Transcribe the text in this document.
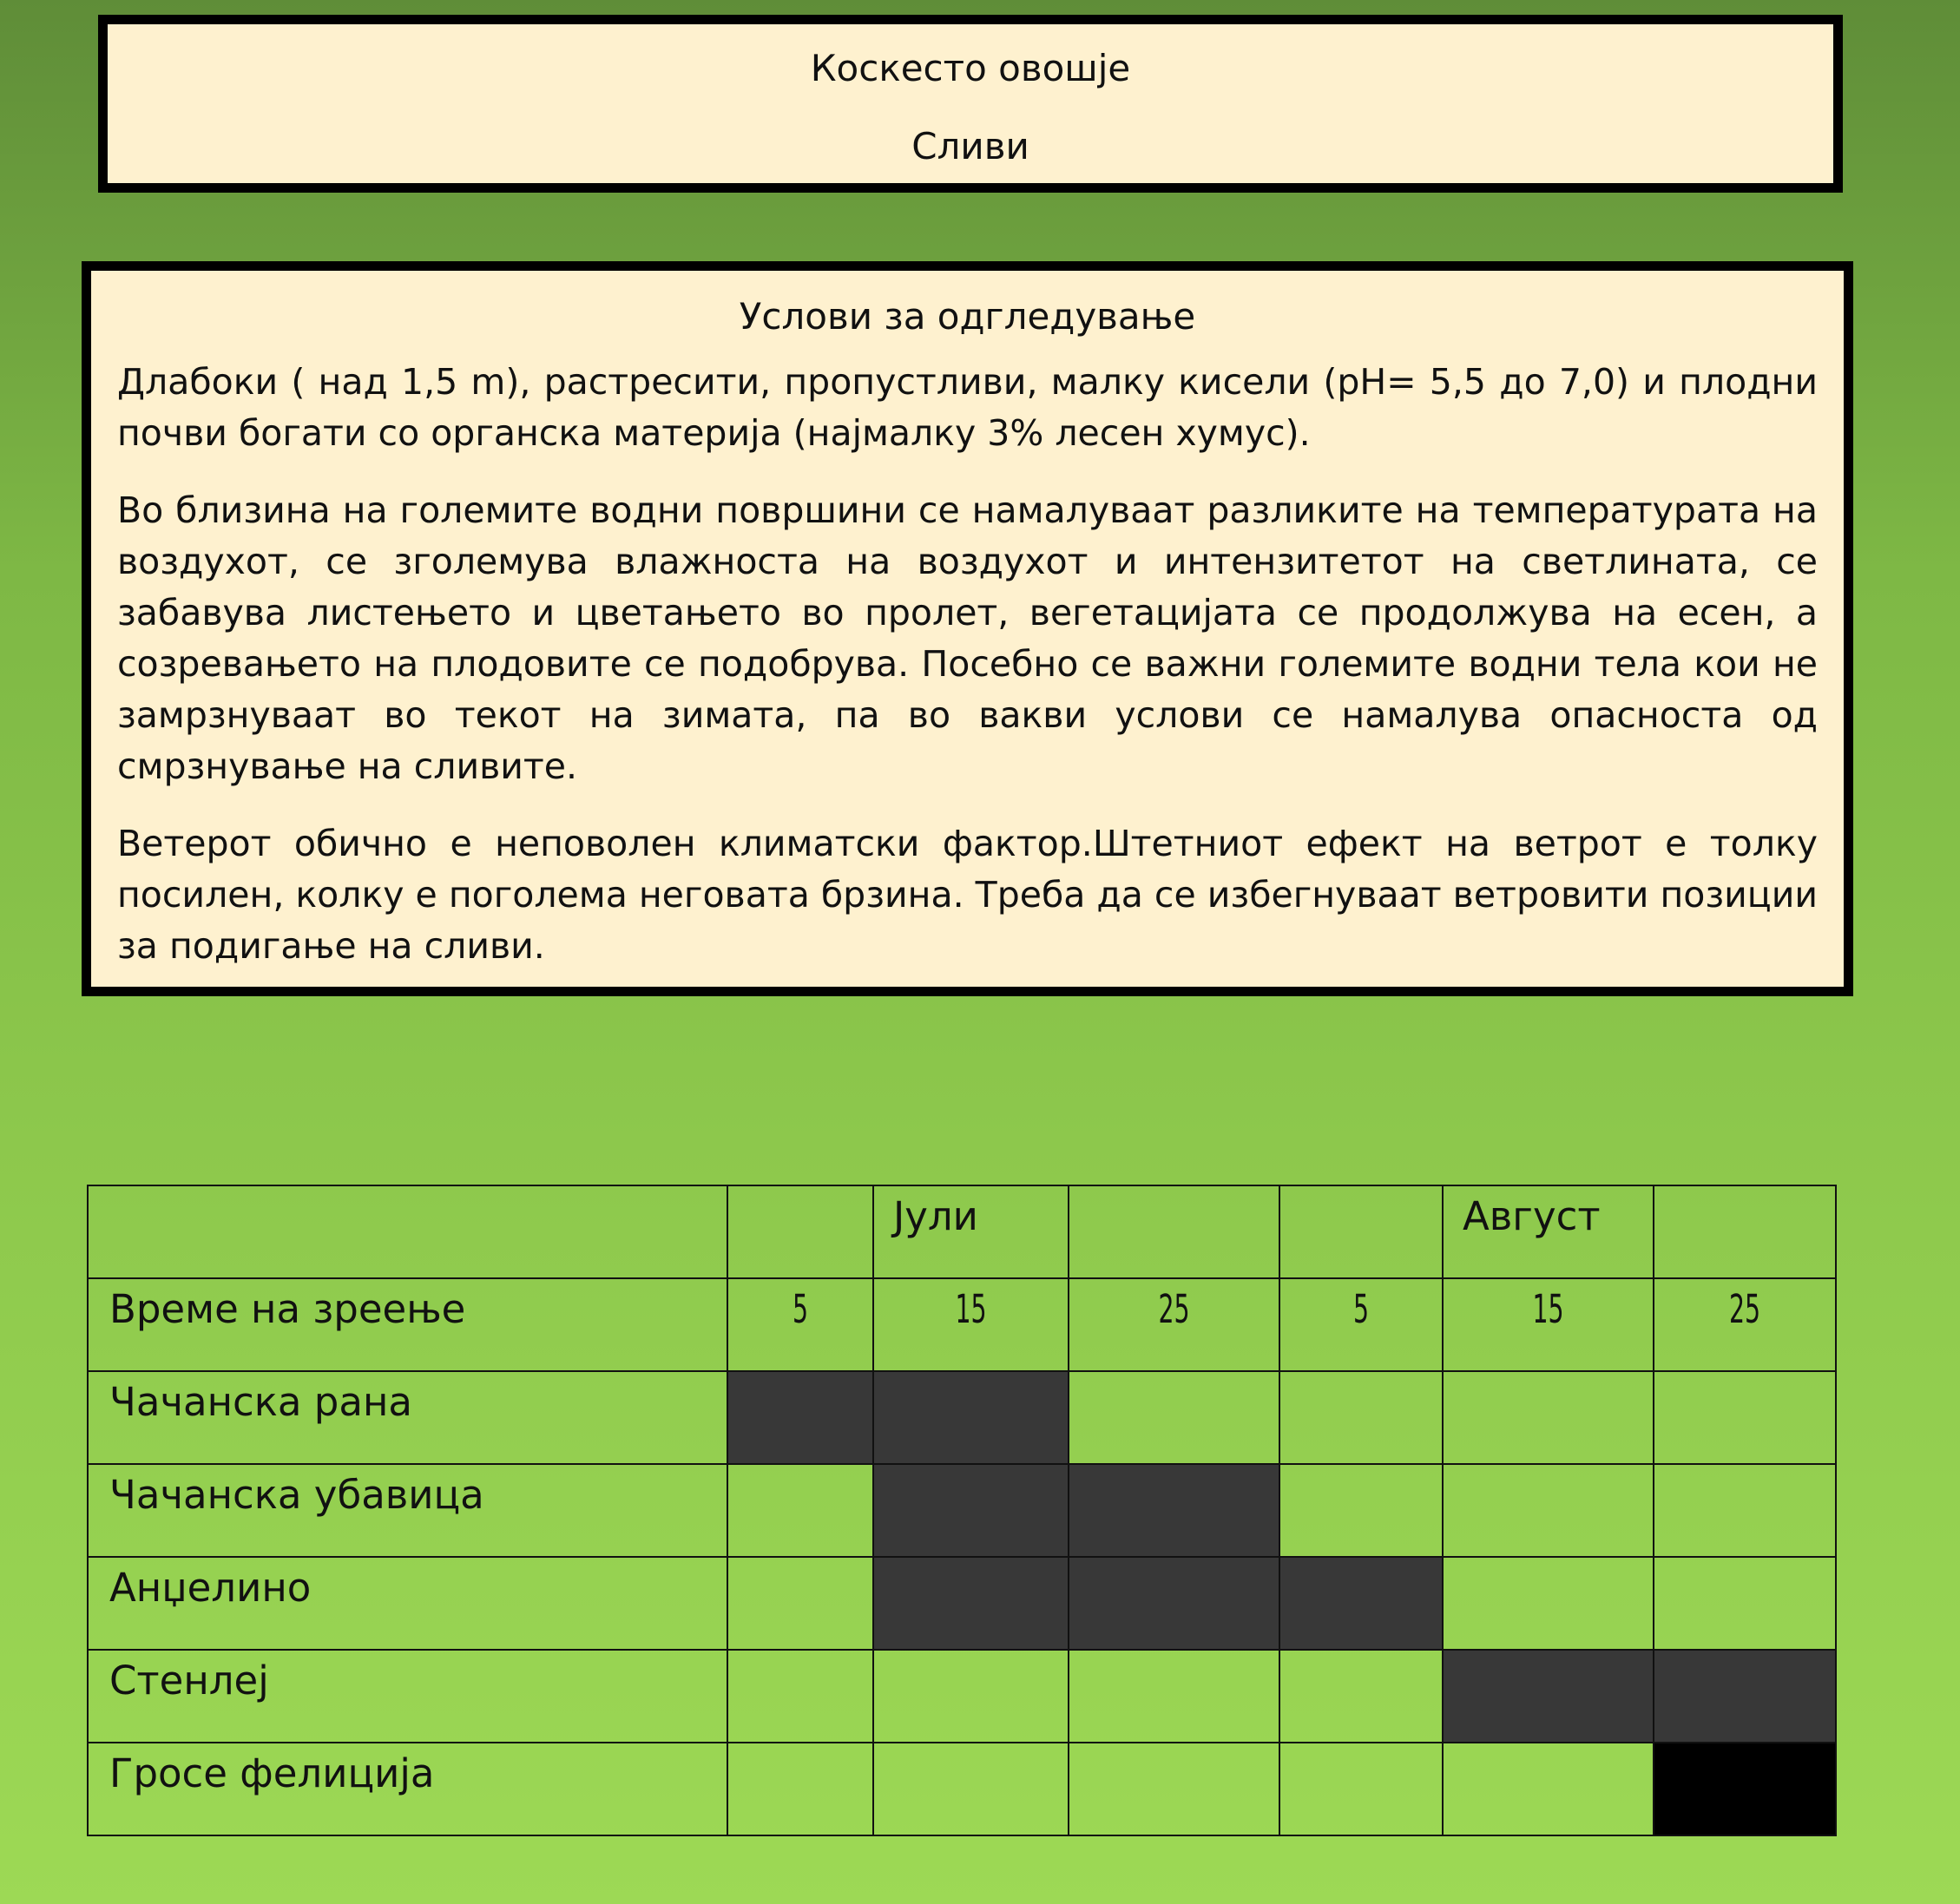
Коскесто овошје
Сливи
Услови за одгледување

Длабоки ( над 1,5 m), растресити, пропустливи, малку кисели (pH= 5,5 до 7,0) и плодни почви богати со органска материја (најмалку 3% лесен хумус).

Во близина на големите водни површини се намалуваат разликите на температурата на воздухот, се зголемува влажноста на воздухот и интензитетот на светлината, се забавува листењето и цветањето во пролет, вегетацијата се продолжува на есен, а созревањето на плодовите се подобрува. Посебно се важни големите водни тела кои не замрзнуваат во текот на зимата, па во вакви услови се намалува опасноста од смрзнување на сливите.

Ветерот обично е неповолен климатски фактор.Штетниот ефект на ветрот е толку посилен, колку е поголема неговата брзина. Треба да се избегнуваат ветровити позиции за подигање на сливи.

		Јули			Август	
Време на зреење	5	15	25	5	15	25
Чачанска рана						
Чачанска убавица						
Анџелино						
Стенлеј						
Гросе фелиција						
